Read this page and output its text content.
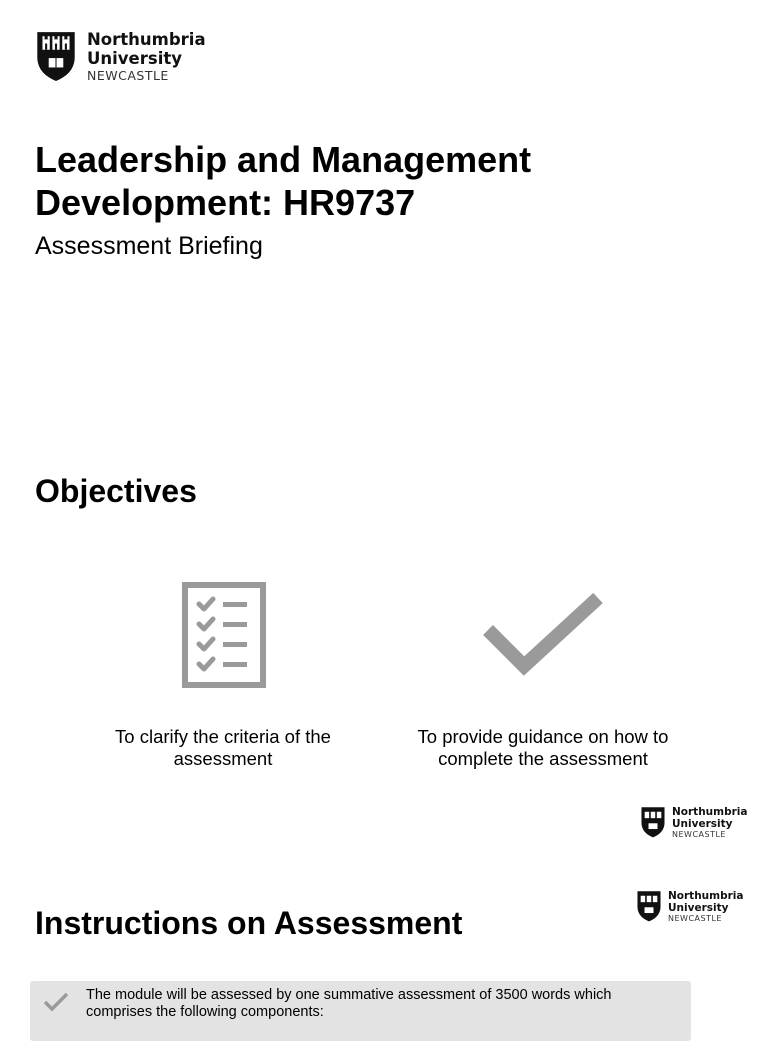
Northumbria
University
NEWCASTLE
Leadership and Management Development: HR9737
Assessment Briefing
Objectives
To clarify the criteria of the assessment
To provide guidance on how to complete the assessment
Northumbria
University
NEWCASTLE
Northumbria
University
NEWCASTLE
Instructions on Assessment
The module will be assessed by one summative assessment of 3500 words which comprises the following components:
